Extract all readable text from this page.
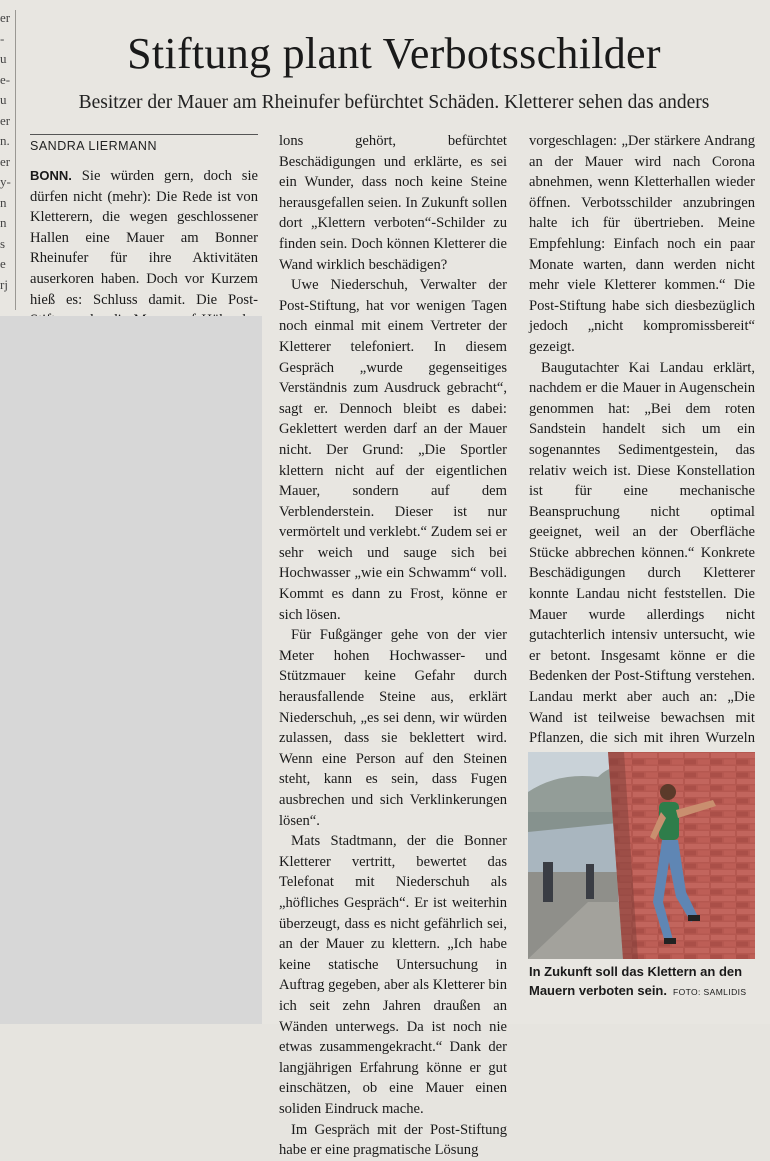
er
-
u
e-
u
er
n.
er
y-
n
n
s
e
rj
Stiftung plant Verbotsschilder

Besitzer der Mauer am Rheinufer befürchtet Schäden. Kletterer sehen das anders

SANDRA LIERMANN

BONN. Sie würden gern, doch sie dürfen nicht (mehr): Die Rede ist von Kletterern, die wegen geschlossener Hallen eine Mauer am Bonner Rheinufer für ihre Aktivitäten auserkoren haben. Doch vor Kurzem hieß es: Schluss damit. Die Post-

lons gehört, befürchtet Beschädigungen und erklärte, es sei ein Wunder, dass noch keine Steine herausgefallen seien. In Zukunft sollen dort „Klettern verboten“-Schilder zu finden sein. Doch können Kletterer die Wand wirklich beschädigen?

Uwe Niederschuh, Verwalter der Post-Stiftung, hat vor wenigen Tagen noch einmal mit einem Vertreter der Kletterer telefoniert. In diesem Gespräch „wurde gegenseitiges Verständnis zum Ausdruck gebracht“, sagt er. Dennoch bleibt es dabei: Geklettert werden darf an der Mauer nicht. Der Grund: „Die Sportler klettern nicht auf der eigentlichen Mauer, sondern auf dem Verblenderstein. Dieser ist nur vermörtelt und verklebt.“ Zudem sei er sehr weich und sauge sich bei Hochwasser „wie ein Schwamm“ voll. Kommt es dann zu Frost, könne er sich lösen.

Für Fußgänger gehe von der vier Meter hohen Hochwasser- und Stützmauer keine Gefahr durch herausfallende Steine aus, erklärt Niederschuh, „es sei denn, wir würden zulassen, dass sie beklettert wird. Wenn eine Person auf den Steinen steht, kann es sein, dass Fugen ausbrechen und sich Verklinkerungen lösen“.

Mats Stadtmann, der die Bonner Kletterer vertritt, bewertet das Telefonat mit Niederschuh als „höfliches Gespräch“. Er ist weiterhin überzeugt, dass es nicht gefährlich sei, an der Mauer zu klettern. „Ich habe keine statische Untersuchung in Auftrag gegeben, aber als Kletterer bin ich seit zehn Jahren draußen an Wänden unterwegs. Da ist noch nie etwas zusammengekracht.“ Dank der langjährigen Erfahrung könne er gut einschätzen, ob eine Mauer einen soliden Eindruck mache.

Im Gespräch mit der Post-Stiftung habe er eine pragmatische Lösung

vorgeschlagen: „Der stärkere Andrang an der Mauer wird nach Corona abnehmen, wenn Kletterhallen wieder öffnen. Verbotsschilder anzubringen halte ich für übertrieben. Meine Empfehlung: Einfach noch ein paar Monate warten, dann werden nicht mehr viele Kletterer kommen.“ Die Post-Stiftung habe sich diesbezüglich jedoch „nicht kompromissbereit“ gezeigt.

Baugutachter Kai Landau erklärt, nachdem er die Mauer in Augenschein genommen hat: „Bei dem roten Sandstein handelt sich um ein sogenanntes Sedimentgestein, das relativ weich ist. Diese Konstellation ist für eine mechanische Beanspruchung nicht optimal geeignet, weil an der Oberfläche Stücke abbrechen können.“ Konkrete Beschädigungen durch Kletterer konnte Landau nicht feststellen. Die Mauer wurde allerdings nicht gutachterlich intensiv untersucht, wie er betont. Insgesamt könne er die Bedenken der Post-Stiftung verstehen. Landau merkt aber auch an: „Die Wand ist teilweise bewachsen mit Pflanzen, die sich mit ihren Wurzeln

In Zukunft soll das Klettern an den Mauern verboten sein. FOTO: SAMLIDIS
